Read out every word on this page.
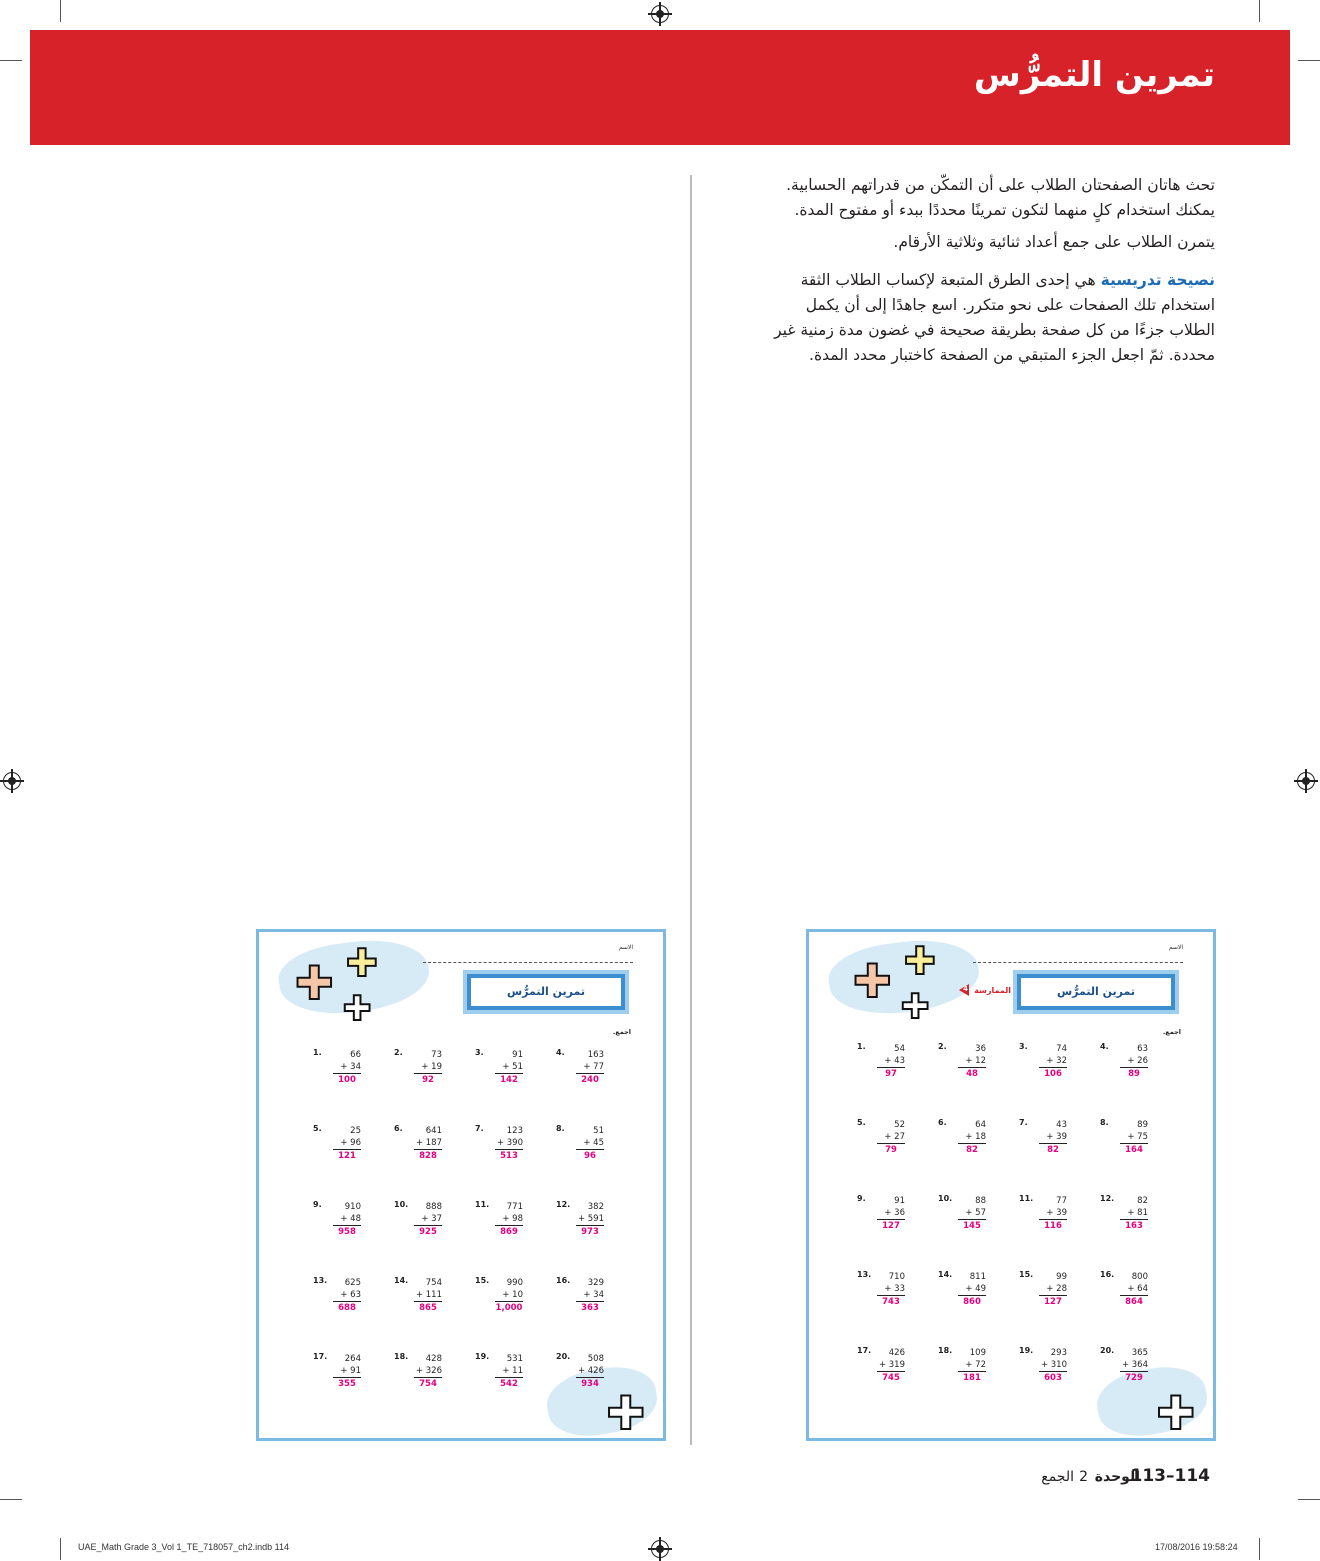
تمرين التمرُّس
تحث هاتان الصفحتان الطلاب على أن التمكّن من قدراتهم الحسابية.
يمكنك استخدام كلٍ منهما لتكون تمرينًا محددًا ببدء أو مفتوح المدة.
يتمرن الطلاب على جمع أعداد ثنائية وثلاثية الأرقام.
نصيحة تدريسية هي إحدى الطرق المتبعة لإكساب الطلاب الثقة
استخدام تلك الصفحات على نحو متكرر. اسع جاهدًا إلى أن يكمل
الطلاب جزءًا من كل صفحة بطريقة صحيحة في غضون مدة زمنية غير
محددة. ثمّ اجعل الجزء المتبقي من الصفحة كاختبار محدد المدة.
✚ ✚
✚
✚
الاسم
تمرين التمرُّس
الممارسة
4
اجمع.
1.	54
+ 43
97
2.	36
+ 12
48
3.	74
+ 32
106
4.	63
+ 26
89
5.	52
+ 27
79
6.	64
+ 18
82
7.	43
+ 39
82
8.	89
+ 75
164
9.	91
+ 36
127
10.	88
+ 57
145
11.	77
+ 39
116
12.	82
+ 81
163
13. 710
+ 33
743
14. 811
+ 49
860
15.	99
+ 28
127
16. 800
+ 64
864
17. 426
+ 319
745
18. 109
+ 72
181
19. 293
+ 310
603
20. 365
+ 364
729
✚ ✚
✚
✚
الاسم
تمرين التمرُّس
اجمع.
1.	66
+ 34
100
2.	73
+ 19
92
3.	91
+ 51
142
4.	163
+ 77
240
5.	25
+ 96
121
6.	641
+ 187
828
7.	123
+ 390
513
8.	51
+ 45
96
9.	910
+ 48
958
10. 888
+ 37
925
11. 771
+ 98
869
12. 382
+ 591
973
13. 625
+ 63
688
14. 754
+ 111
865
15. 990
+ 10
1,000
16. 329
+ 34
363
17. 264
+ 91
355
18. 428
+ 326
754
19. 531
+ 11
542
20. 508
+ 426
934
113–114
الوحدة
2
الجمع
UAE_Math Grade 3_Vol 1_TE_718057_ch2.indb 114	17/08/2016 19:58:24
